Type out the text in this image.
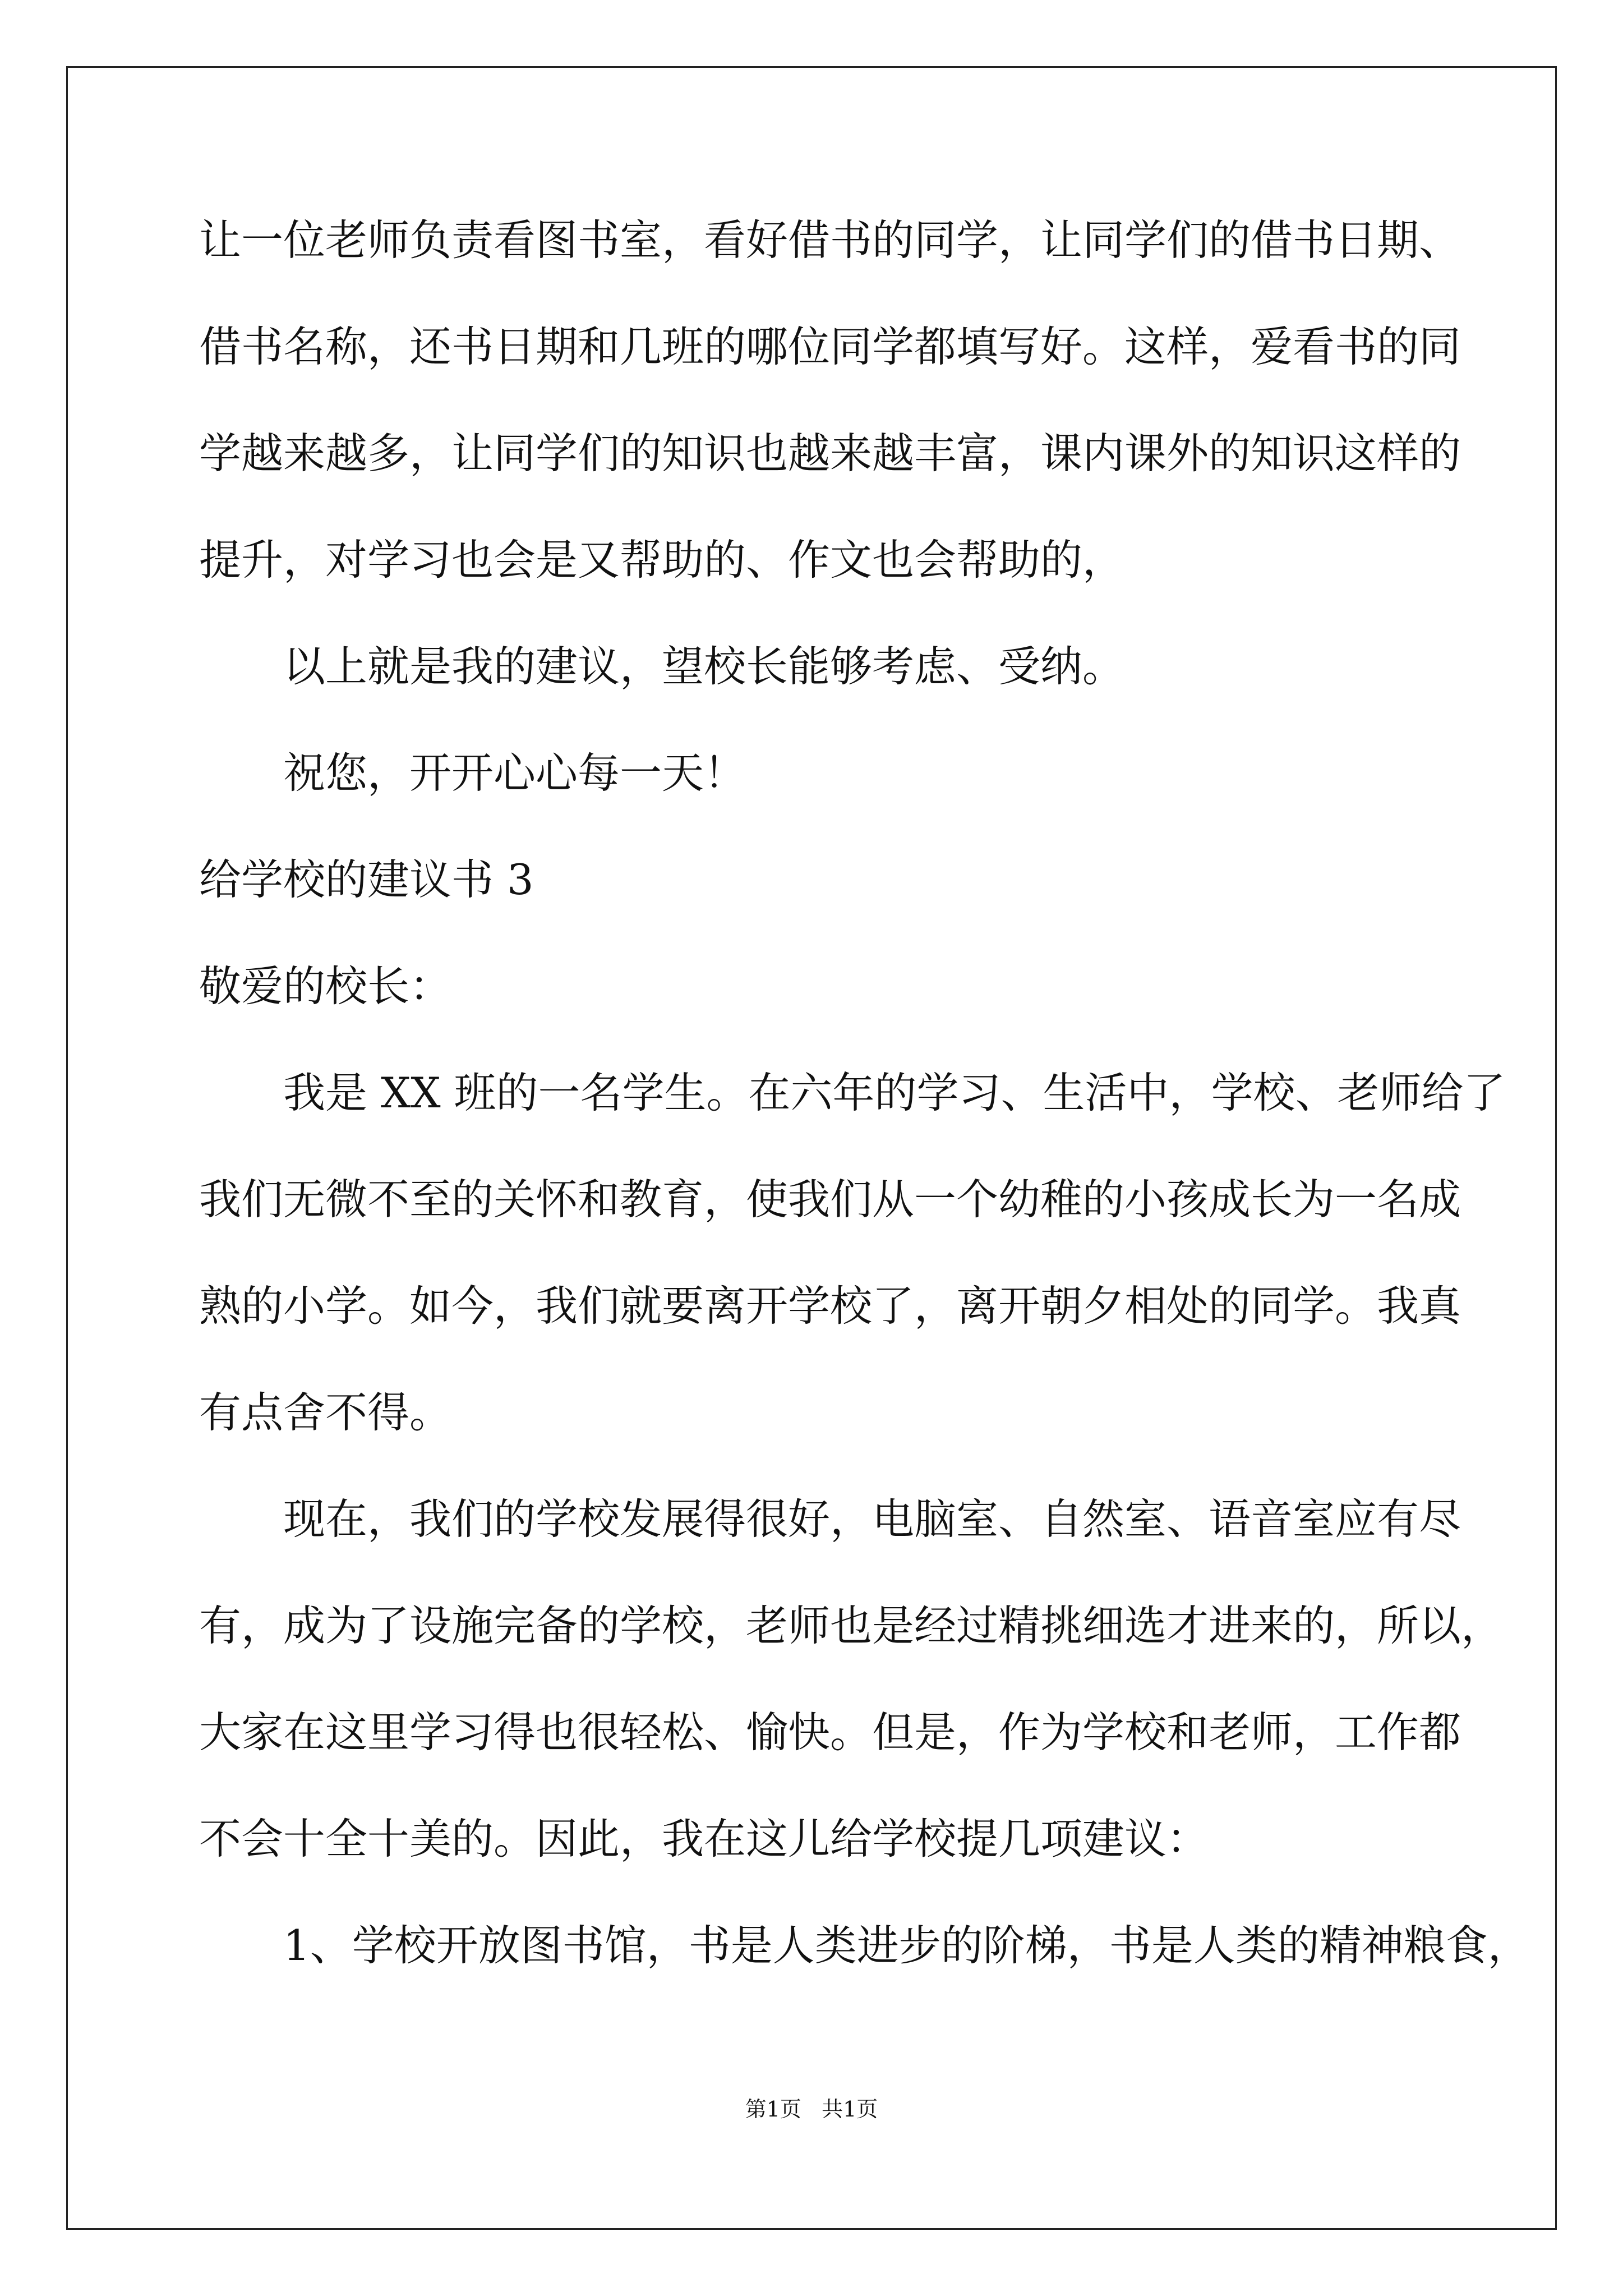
让一位老师负责看图书室，看好借书的同学，让同学们的借书日期、
借书名称，还书日期和几班的哪位同学都填写好。这样，爱看书的同
学越来越多，让同学们的知识也越来越丰富，课内课外的知识这样的
提升，对学习也会是又帮助的、作文也会帮助的，
以上就是我的建议，望校长能够考虑、受纳。
祝您，开开心心每一天！
给学校的建议书 3
敬爱的校长：
我是 XX 班的一名学生。在六年的学习、生活中，学校、老师给了
我们无微不至的关怀和教育，使我们从一个幼稚的小孩成长为一名成
熟的小学。如今，我们就要离开学校了，离开朝夕相处的同学。我真
有点舍不得。
现在，我们的学校发展得很好，电脑室、自然室、语音室应有尽
有，成为了设施完备的学校，老师也是经过精挑细选才进来的，所以，
大家在这里学习得也很轻松、愉快。但是，作为学校和老师，工作都
不会十全十美的。因此，我在这儿给学校提几项建议：
1、学校开放图书馆，书是人类进步的阶梯，书是人类的精神粮食，
第1页   共1页
